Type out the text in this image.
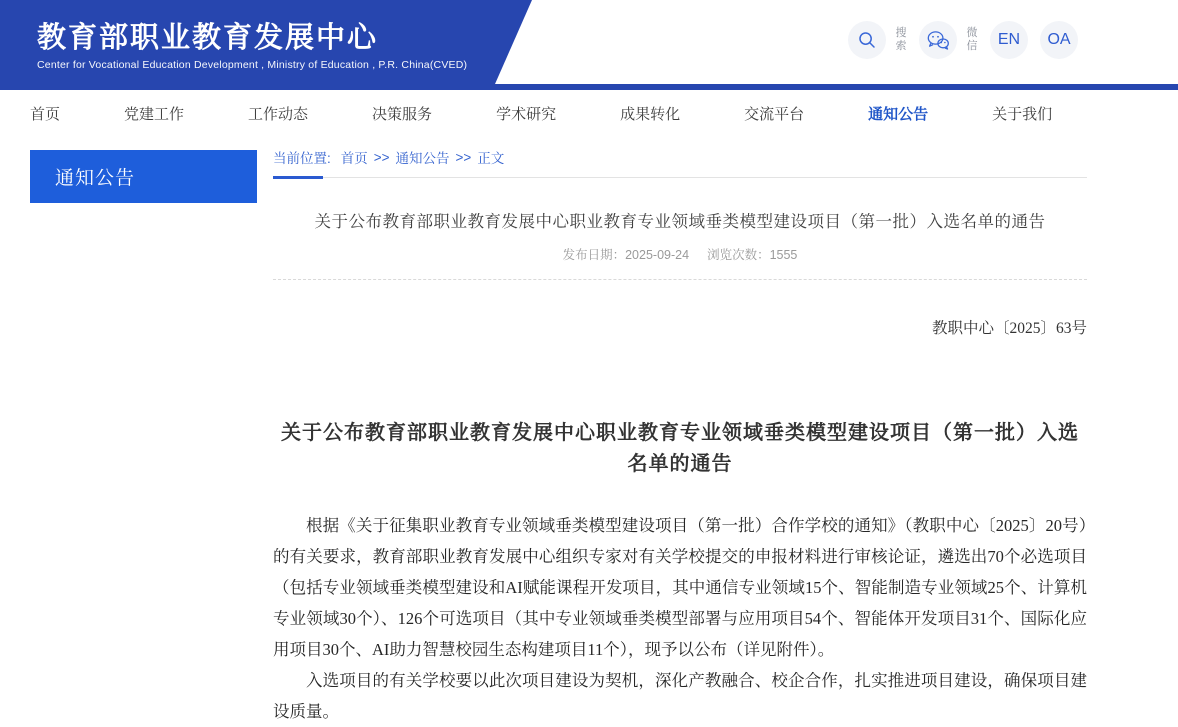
教育部职业教育发展中心
Center for Vocational Education Development , Ministry of Education , P.R. China(CVED)
搜索
微信 EN OA
首页	党建工作	工作动态	决策服务	学术研究	成果转化	交流平台	通知公告	关于我们
通知公告
当前位置: 首页 >> 通知公告 >> 正文
关于公布教育部职业教育发展中心职业教育专业领域垂类模型建设项目（第一批）入选名单的通告
发布日期：2025-09-24 浏览次数：1555
教职中心〔2025〕63号
关于公布教育部职业教育发展中心职业教育专业领域垂类模型建设项目（第一批）入选名单的通告

根据《关于征集职业教育专业领域垂类模型建设项目（第一批）合作学校的通知》（教职中心〔2025〕20号）的有关要求，教育部职业教育发展中心组织专家对有关学校提交的申报材料进行审核论证，遴选出70个必选项目（包括专业领域垂类模型建设和AI赋能课程开发项目，其中通信专业领域15个、智能制造专业领域25个、计算机专业领域30个）、126个可选项目（其中专业领域垂类模型部署与应用项目54个、智能体开发项目31个、国际化应用项目30个、AI助力智慧校园生态构建项目11个），现予以公布（详见附件）。

入选项目的有关学校要以此次项目建设为契机，深化产教融合、校企合作，扎实推进项目建设，确保项目建设质量。
